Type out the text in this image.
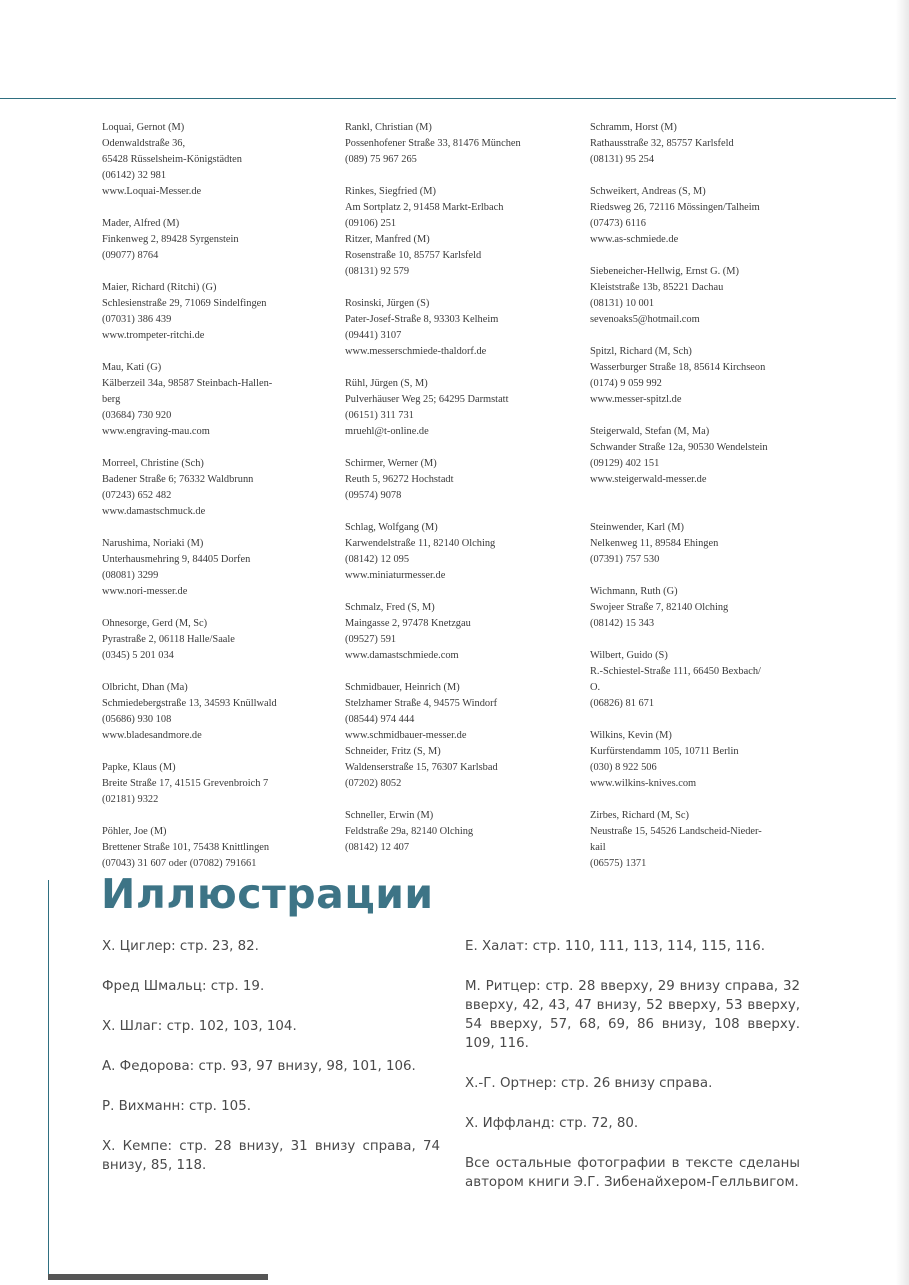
Loquai, Gernot (M)
Odenwaldstraße 36,
65428 Rüsselsheim-Königstädten
(06142) 32 981
www.Loquai-Messer.de
Mader, Alfred (M)
Finkenweg 2, 89428 Syrgenstein
(09077) 8764
Maier, Richard (Ritchi) (G)
Schlesienstraße 29, 71069 Sindelfingen
(07031) 386 439
www.trompeter-ritchi.de
Mau, Kati (G)
Kälberzeil 34a, 98587 Steinbach-Hallen-
berg
(03684) 730 920
www.engraving-mau.com
Morreel, Christine (Sch)
Badener Straße 6; 76332 Waldbrunn
(07243) 652 482
www.damastschmuck.de
Narushima, Noriaki (M)
Unterhausmehring 9, 84405 Dorfen
(08081) 3299
www.nori-messer.de
Ohnesorge, Gerd (M, Sc)
Pyrastraße 2, 06118 Halle/Saale
(0345) 5 201 034
Olbricht, Dhan (Ma)
Schmiedebergstraße 13, 34593 Knüllwald
(05686) 930 108
www.bladesandmore.de
Papke, Klaus (M)
Breite Straße 17, 41515 Grevenbroich 7
(02181) 9322
Pöhler, Joe (M)
Brettener Straße 101, 75438 Knittlingen
(07043) 31 607 oder (07082) 791661
Rankl, Christian (M)
Possenhofener Straße 33, 81476 München
(089) 75 967 265
Rinkes, Siegfried (M)
Am Sortplatz 2, 91458 Markt-Erlbach
(09106) 251
Ritzer, Manfred (M)
Rosenstraße 10, 85757 Karlsfeld
(08131) 92 579
Rosinski, Jürgen (S)
Pater-Josef-Straße 8, 93303 Kelheim
(09441) 3107
www.messerschmiede-thaldorf.de
Rühl, Jürgen (S, M)
Pulverhäuser Weg 25; 64295 Darmstatt
(06151) 311 731
mruehl@t-online.de
Schirmer, Werner (M)
Reuth 5, 96272 Hochstadt
(09574) 9078
Schlag, Wolfgang (M)
Karwendelstraße 11, 82140 Olching
(08142) 12 095
www.miniaturmesser.de
Schmalz, Fred (S, M)
Maingasse 2, 97478 Knetzgau
(09527) 591
www.damastschmiede.com
Schmidbauer, Heinrich (M)
Stelzhamer Straße 4, 94575 Windorf
(08544) 974 444
www.schmidbauer-messer.de
Schneider, Fritz (S, M)
Waldenserstraße 15, 76307 Karlsbad
(07202) 8052
Schneller, Erwin (M)
Feldstraße 29a, 82140 Olching
(08142) 12 407
Schramm, Horst (M)
Rathausstraße 32, 85757 Karlsfeld
(08131) 95 254
Schweikert, Andreas (S, M)
Riedsweg 26, 72116 Mössingen/Talheim
(07473) 6116
www.as-schmiede.de
Siebeneicher-Hellwig, Ernst G. (M)
Kleiststraße 13b, 85221 Dachau
(08131) 10 001
sevenoaks5@hotmail.com
Spitzl, Richard (M, Sch)
Wasserburger Straße 18, 85614 Kirchseon
(0174) 9 059 992
www.messer-spitzl.de
Steigerwald, Stefan (M, Ma)
Schwander Straße 12a, 90530 Wendelstein
(09129) 402 151
www.steigerwald-messer.de
Steinwender, Karl (M)
Nelkenweg 11, 89584 Ehingen
(07391) 757 530
Wichmann, Ruth (G)
Swojeer Straße 7, 82140 Olching
(08142) 15 343
Wilbert, Guido (S)
R.-Schiestel-Straße 111, 66450 Bexbach/
O.
(06826) 81 671
Wilkins, Kevin (M)
Kurfürstendamm 105, 10711 Berlin
(030) 8 922 506
www.wilkins-knives.com
Zirbes, Richard (M, Sc)
Neustraße 15, 54526 Landscheid-Nieder-
kail
(06575) 1371
Иллюстрации

Х. Циглер: стр. 23, 82.

Фред Шмальц: стр. 19.

Х. Шлаг: стр. 102, 103, 104.

А. Федорова: стр. 93, 97 внизу, 98, 101, 106.

Р. Вихманн: стр. 105.

Х. Кемпе: стр. 28 внизу, 31 внизу справа, 74 внизу, 85, 118.

Е. Халат: стр. 110, 111, 113, 114, 115, 116.

М. Ритцер: стр. 28 вверху, 29 внизу справа, 32 вверху, 42, 43, 47 внизу, 52 вверху, 53 вверху, 54 вверху, 57, 68, 69, 86 внизу, 108 вверху. 109, 116.

Х.-Г. Ортнер: стр. 26 внизу справа.

Х. Иффланд: стр. 72, 80.

Все остальные фотографии в тексте сделаны автором книги Э.Г. Зибенайхером-Гелльвигом.
